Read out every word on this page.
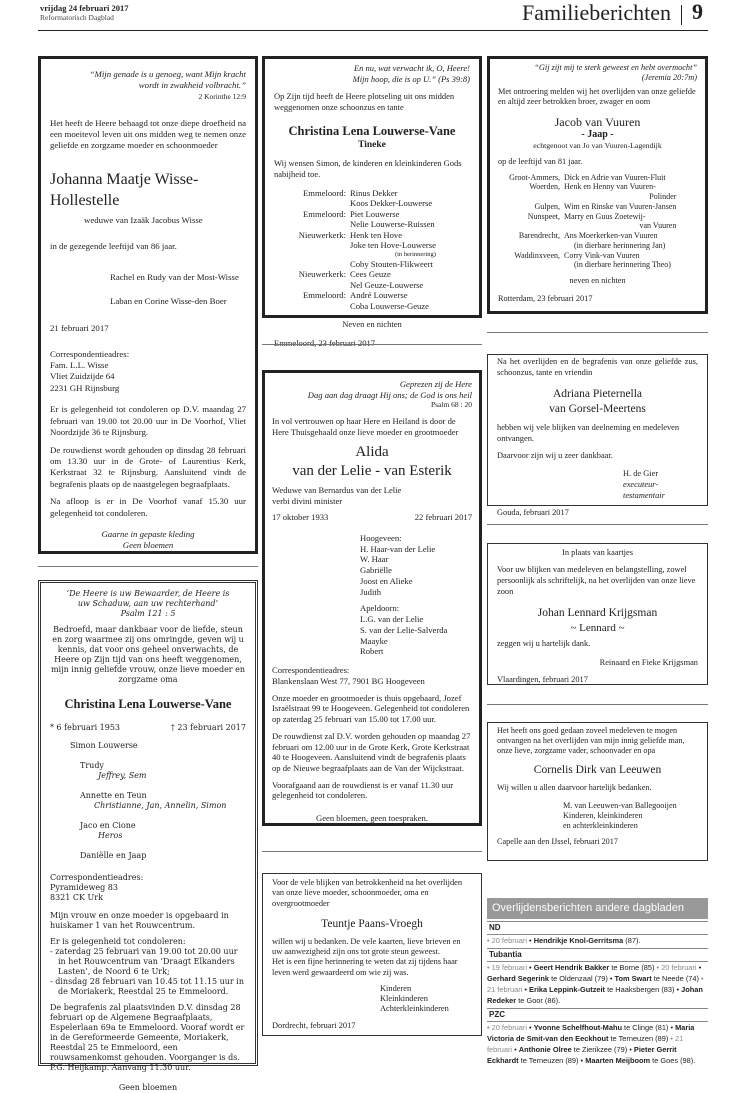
vrijdag 24 februari 2017
Reformatorisch Dagblad	Familieberichten 9

“Mijn genade is u genoeg, want Mijn kracht

wordt in zwakheid volbracht.”

2 Korinthe 12:9

Het heeft de Heere behaagd tot onze diepe droefheid na een moeitevol leven uit ons midden weg te nemen onze geliefde en zorgzame moeder en schoonmoeder

Johanna Maatje Wisse-Hollestelle

weduwe van Izaäk Jacobus Wisse

in de gezegende leeftijd van 86 jaar.

Rachel en Rudy van der Most-Wisse

Laban en Corine Wisse-den Boer

21 februari 2017

Correspondentieadres:

Fam. L.L. Wisse

Vliet Zuidzijde 64

2231 GH Rijnsburg

Er is gelegenheid tot condoleren op D.V. maandag 27 februari van 19.00 tot 20.00 uur in De Voorhof, Vliet Noordzijde 36 te Rijnsburg.

De rouwdienst wordt gehouden op dinsdag 28 februari om 13.30 uur in de Grote- of Laurentius Kerk, Kerkstraat 32 te Rijnsburg. Aansluitend vindt de begrafenis plaats op de naastgelegen begraafplaats.

Na afloop is er in De Voorhof vanaf 15.30 uur gelegenheid tot condoleren.

Gaarne in gepaste kleding

Geen bloemen

‘De Heere is uw Bewaarder, de Heere is

uw Schaduw, aan uw rechterhand’

Psalm 121 : 5

Bedroefd, maar dankbaar voor de liefde, steun en zorg waarmee zij ons omringde, geven wij u kennis, dat voor ons geheel onverwachts, de Heere op Zijn tijd van ons heeft weggenomen, mijn innig geliefde vrouw, onze lieve moeder en zorgzame oma

Christina Lena Louwerse-Vane

* 6 februari 1953	† 23 februari 2017

Simon Louwerse

Trudy

Jeffrey, Sem

Annette en Teun

Christianne, Jan, Annelin, Simon

Jaco en Cione

Heros

Daniëlle en Jaap

Correspondentieadres:

Pyramideweg 83

8321 CK Urk

Mijn vrouw en onze moeder is opgebaard in huiskamer 1 van het Rouwcentrum.

Er is gelegenheid tot condoleren:

- zaterdag 25 februari van 19.00 tot 20.00 uur in het Rouwcentrum van ‘Draagt Elkanders Lasten’, de Noord 6 te Urk;

- dinsdag 28 februari van 10.45 tot 11.15 uur in de Moriakerk, Reestdal 25 te Emmeloord.

De begrafenis zal plaatsvinden D.V. dinsdag 28 februari op de Algemene Begraafplaats, Espelerlaan 69a te Emmeloord. Vooraf wordt er in de Gereformeerde Gemeente, Moriakerk, Reestdal 25 te Emmeloord, een rouwsamenkomst gehouden. Voorganger is ds. P.G. Heijkamp. Aanvang 11.30 uur.

Geen bloemen

En nu, wat verwacht ik, O, Heere!

Mijn hoop, die is op U.” (Ps 39:8)

Op Zijn tijd heeft de Heere plotseling uit ons midden weggenomen onze schoonzus en tante

Christina Lena Louwerse-Vane

Tineke

Wij wensen Simon, de kinderen en kleinkinderen Gods nabijheid toe.

Emmeloord:	Rinus Dekker
Koos Dekker-Louwerse
Emmeloord:	Piet Louwerse
Nelie Louwerse-Ruissen
Nieuwerkerk:	Henk ten Hove
Joke ten Hove-Louwerse

(in herinnering)
Coby Stouten-Flikweert
Nieuwerkerk:	Cees Geuze
Nel Geuze-Louwerse
Emmeloord:	André Louwerse
Coba Louwerse-Geuze

Neven en nichten

Geprezen zij de Here

Dag aan dag draagt Hij ons; de God is ons heil

Psalm 68 : 20

In vol vertrouwen op haar Here en Heiland is door de Here Thuisgehaald onze lieve moeder en grootmoeder

Alida

van der Lelie - van Esterik

Weduwe van Bernardus van der Lelie

verbi divini minister

17 oktober 1933	22 februari 2017

Hoogeveen:

H. Haar-van der Lelie

W. Haar

Gabriëlle

Joost en Alieke

Judith

Apeldoorn:

L.G. van der Lelie

S. van der Lelie-Salverda

Maayke

Robert

Correspondentieadres:

Blankenslaan West 77, 7901 BG Hoogeveen

Onze moeder en grootmoeder is thuis opgebaard, Jozef Israëlstraat 99 te Hoogeveen. Gelegenheid tot condoleren op zaterdag 25 februari van 15.00 tot 17.00 uur.

De rouwdienst zal D.V. worden gehouden op maandag 27 februari om 12.00 uur in de Grote Kerk, Grote Kerkstraat 40 te Hoogeveen. Aansluitend vindt de begrafenis plaats op de Nieuwe begraafplaats aan de Van der Wijckstraat.

Voorafgaand aan de rouwdienst is er vanaf 11.30 uur gelegenheid tot condoleren.

Geen bloemen, geen toespraken.

Voor de vele blijken van betrokkenheid na het overlijden van onze lieve moeder, schoonmoeder, oma en overgrootmoeder

Teuntje Paans-Vroegh

willen wij u bedanken. De vele kaarten, lieve brieven en uw aanwezigheid zijn ons tot grote steun geweest.

Het is een fijne herinnering te weten dat zij tijdens haar leven werd gewaardeerd om wie zij was.

Kinderen

Kleinkinderen

Achterkleinkinderen

Dordrecht, februari 2017

“Gij zijt mij te sterk geweest en hebt overmocht”

(Jeremia 20:7m)

Met ontroering melden wij het overlijden van onze geliefde en altijd zeer betrokken broer, zwager en oom

Jacob van Vuuren

- Jaap -

echtgenoot van Jo van Vuuren-Lagendijk

op de leeftijd van 81 jaar.

Groot-Ammers,	Dick en Adrie van Vuuren-Fluit
Woerden,	Henk en Henny van Vuuren-

Polinder

Gulpen,	Wim en Rinske van Vuuren-Jansen
Nunspeet,	Marry en Guus Zoetewij-

van Vuuren

Barendrecht,	Ans Moerkerken-van Vuuren
(in dierbare herinnering Jan)
Waddinxveen,	Corry Vink-van Vuuren
(in dierbare herinnering Theo)

neven en nichten

Rotterdam, 23 februari 2017

Na het overlijden en de begrafenis van onze geliefde zus, schoonzus, tante en vriendin

Adriana Pieternella

van Gorsel-Meertens

hebben wij vele blijken van deelneming en medeleven ontvangen.

Daarvoor zijn wij u zeer dankbaar.

H. de Gier

executeur-testamentair

Gouda, februari 2017

In plaats van kaartjes

Voor uw blijken van medeleven en belangstelling, zowel persoonlijk als schriftelijk, na het overlijden van onze lieve zoon

Johan Lennard Krijgsman

~ Lennard ~

zeggen wij u hartelijk dank.

Reinaard en Fieke Krijgsman

Vlaardingen, februari 2017

Het heeft ons goed gedaan zoveel medeleven te mogen ontvangen na het overlijden van mijn innig geliefde man, onze lieve, zorgzame vader, schoonvader en opa

Cornelis Dirk van Leeuwen

Wij willen u allen daarvoor hartelijk bedanken.

M. van Leeuwen-van Ballegooijen

Kinderen, kleinkinderen

en achterkleinkinderen

Capelle aan den IJssel, februari 2017

Overlijdensberichten andere dagbladen
ND
• 20 februari • Hendrikje Knol-Gerritsma (87).
Tubantia
• 19 februari • Geert Hendrik Bakker te Borne (85) • 20 februari • Gerhard Segerink te Oldenzaal (79) • Tom Swart te Neede (74) • 21 februari • Erika Leppink-Gutzeit te Haaksbergen (83) • Johan Redeker te Goor (86).
PZC
• 20 februari • Yvonne Schelfhout-Mahu te Clinge (81) • Maria Victoria de Smit-van den Eeckhout te Terneuzen (89) • 21 februari • Anthonie Olree te Zierikzee (79) • Pieter Gerrit Eckhardt te Terneuzen (89) • Maarten Meijboom te Goes (98).
